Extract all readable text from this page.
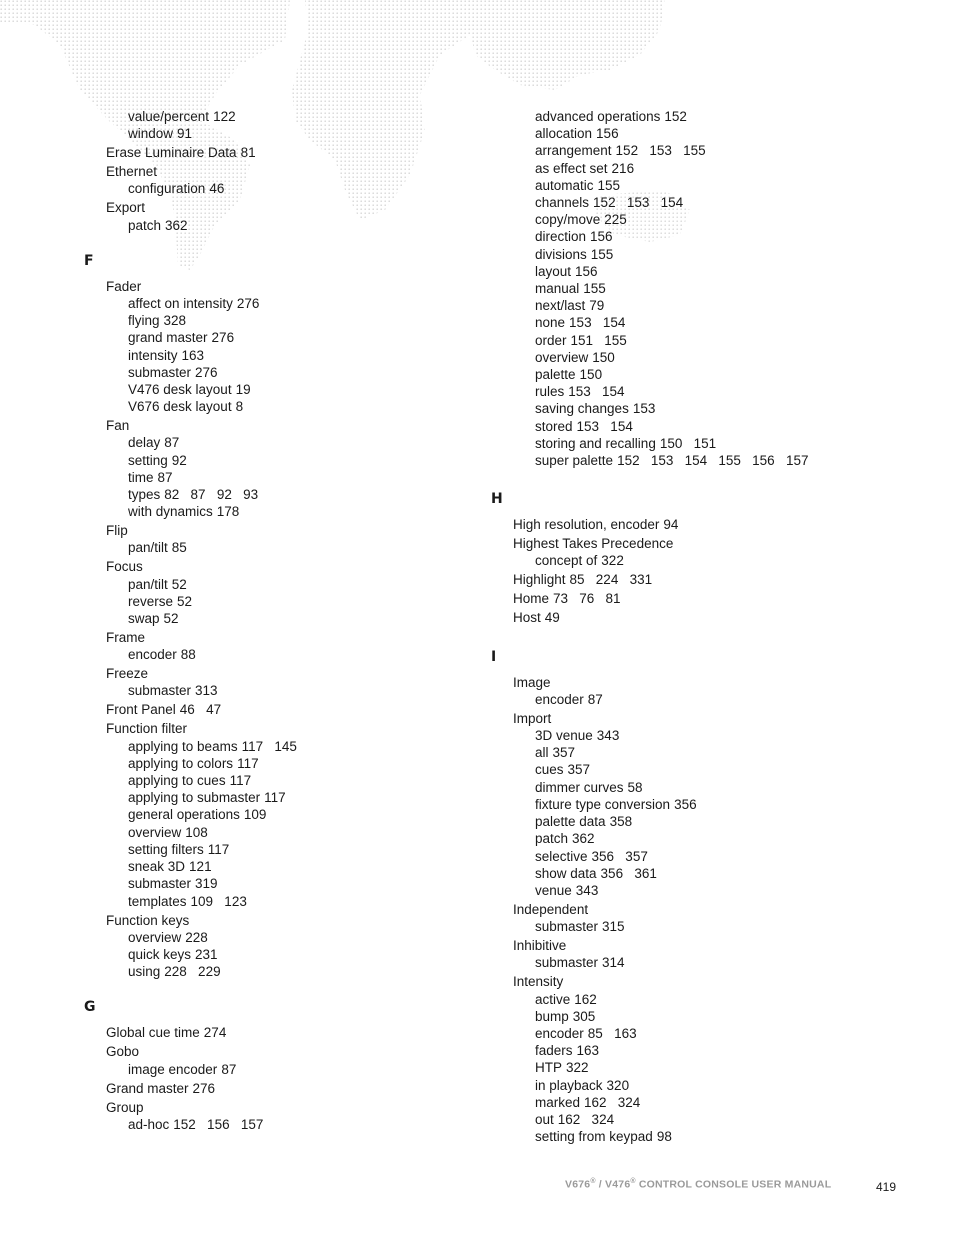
value/percent 122
window 91
Erase Luminaire Data 81
Ethernet
configuration 46
Export
patch 362
F
Fader
affect on intensity 276
flying 328
grand master 276
intensity 163
submaster 276
V476 desk layout 19
V676 desk layout 8
Fan
delay 87
setting 92
time 87
types 82   87   92   93
with dynamics 178
Flip
pan/tilt 85
Focus
pan/tilt 52
reverse 52
swap 52
Frame
encoder 88
Freeze
submaster 313
Front Panel 46   47
Function filter
applying to beams 117   145
applying to colors 117
applying to cues 117
applying to submaster 117
general operations 109
overview 108
setting filters 117
sneak 3D 121
submaster 319
templates 109   123
Function keys
overview 228
quick keys 231
using 228   229
G
Global cue time 274
Gobo
image encoder 87
Grand master 276
Group
ad-hoc 152   156   157
advanced operations 152
allocation 156
arrangement 152   153   155
as effect set 216
automatic 155
channels 152   153   154
copy/move 225
direction 156
divisions 155
layout 156
manual 155
next/last 79
none 153   154
order 151   155
overview 150
palette 150
rules 153   154
saving changes 153
stored 153   154
storing and recalling 150   151
super palette 152   153   154   155   156   157
H
High resolution, encoder 94
Highest Takes Precedence
concept of 322
Highlight 85   224   331
Home 73   76   81
Host 49
I
Image
encoder 87
Import
3D venue 343
all 357
cues 357
dimmer curves 58
fixture type conversion 356
palette data 358
patch 362
selective 356   357
show data 356   361
venue 343
Independent
submaster 315
Inhibitive
submaster 314
Intensity
active 162
bump 305
encoder 85   163
faders 163
HTP 322
in playback 320
marked 162   324
out 162   324
setting from keypad 98
V676® / V476® CONTROL CONSOLE USER MANUAL	419
